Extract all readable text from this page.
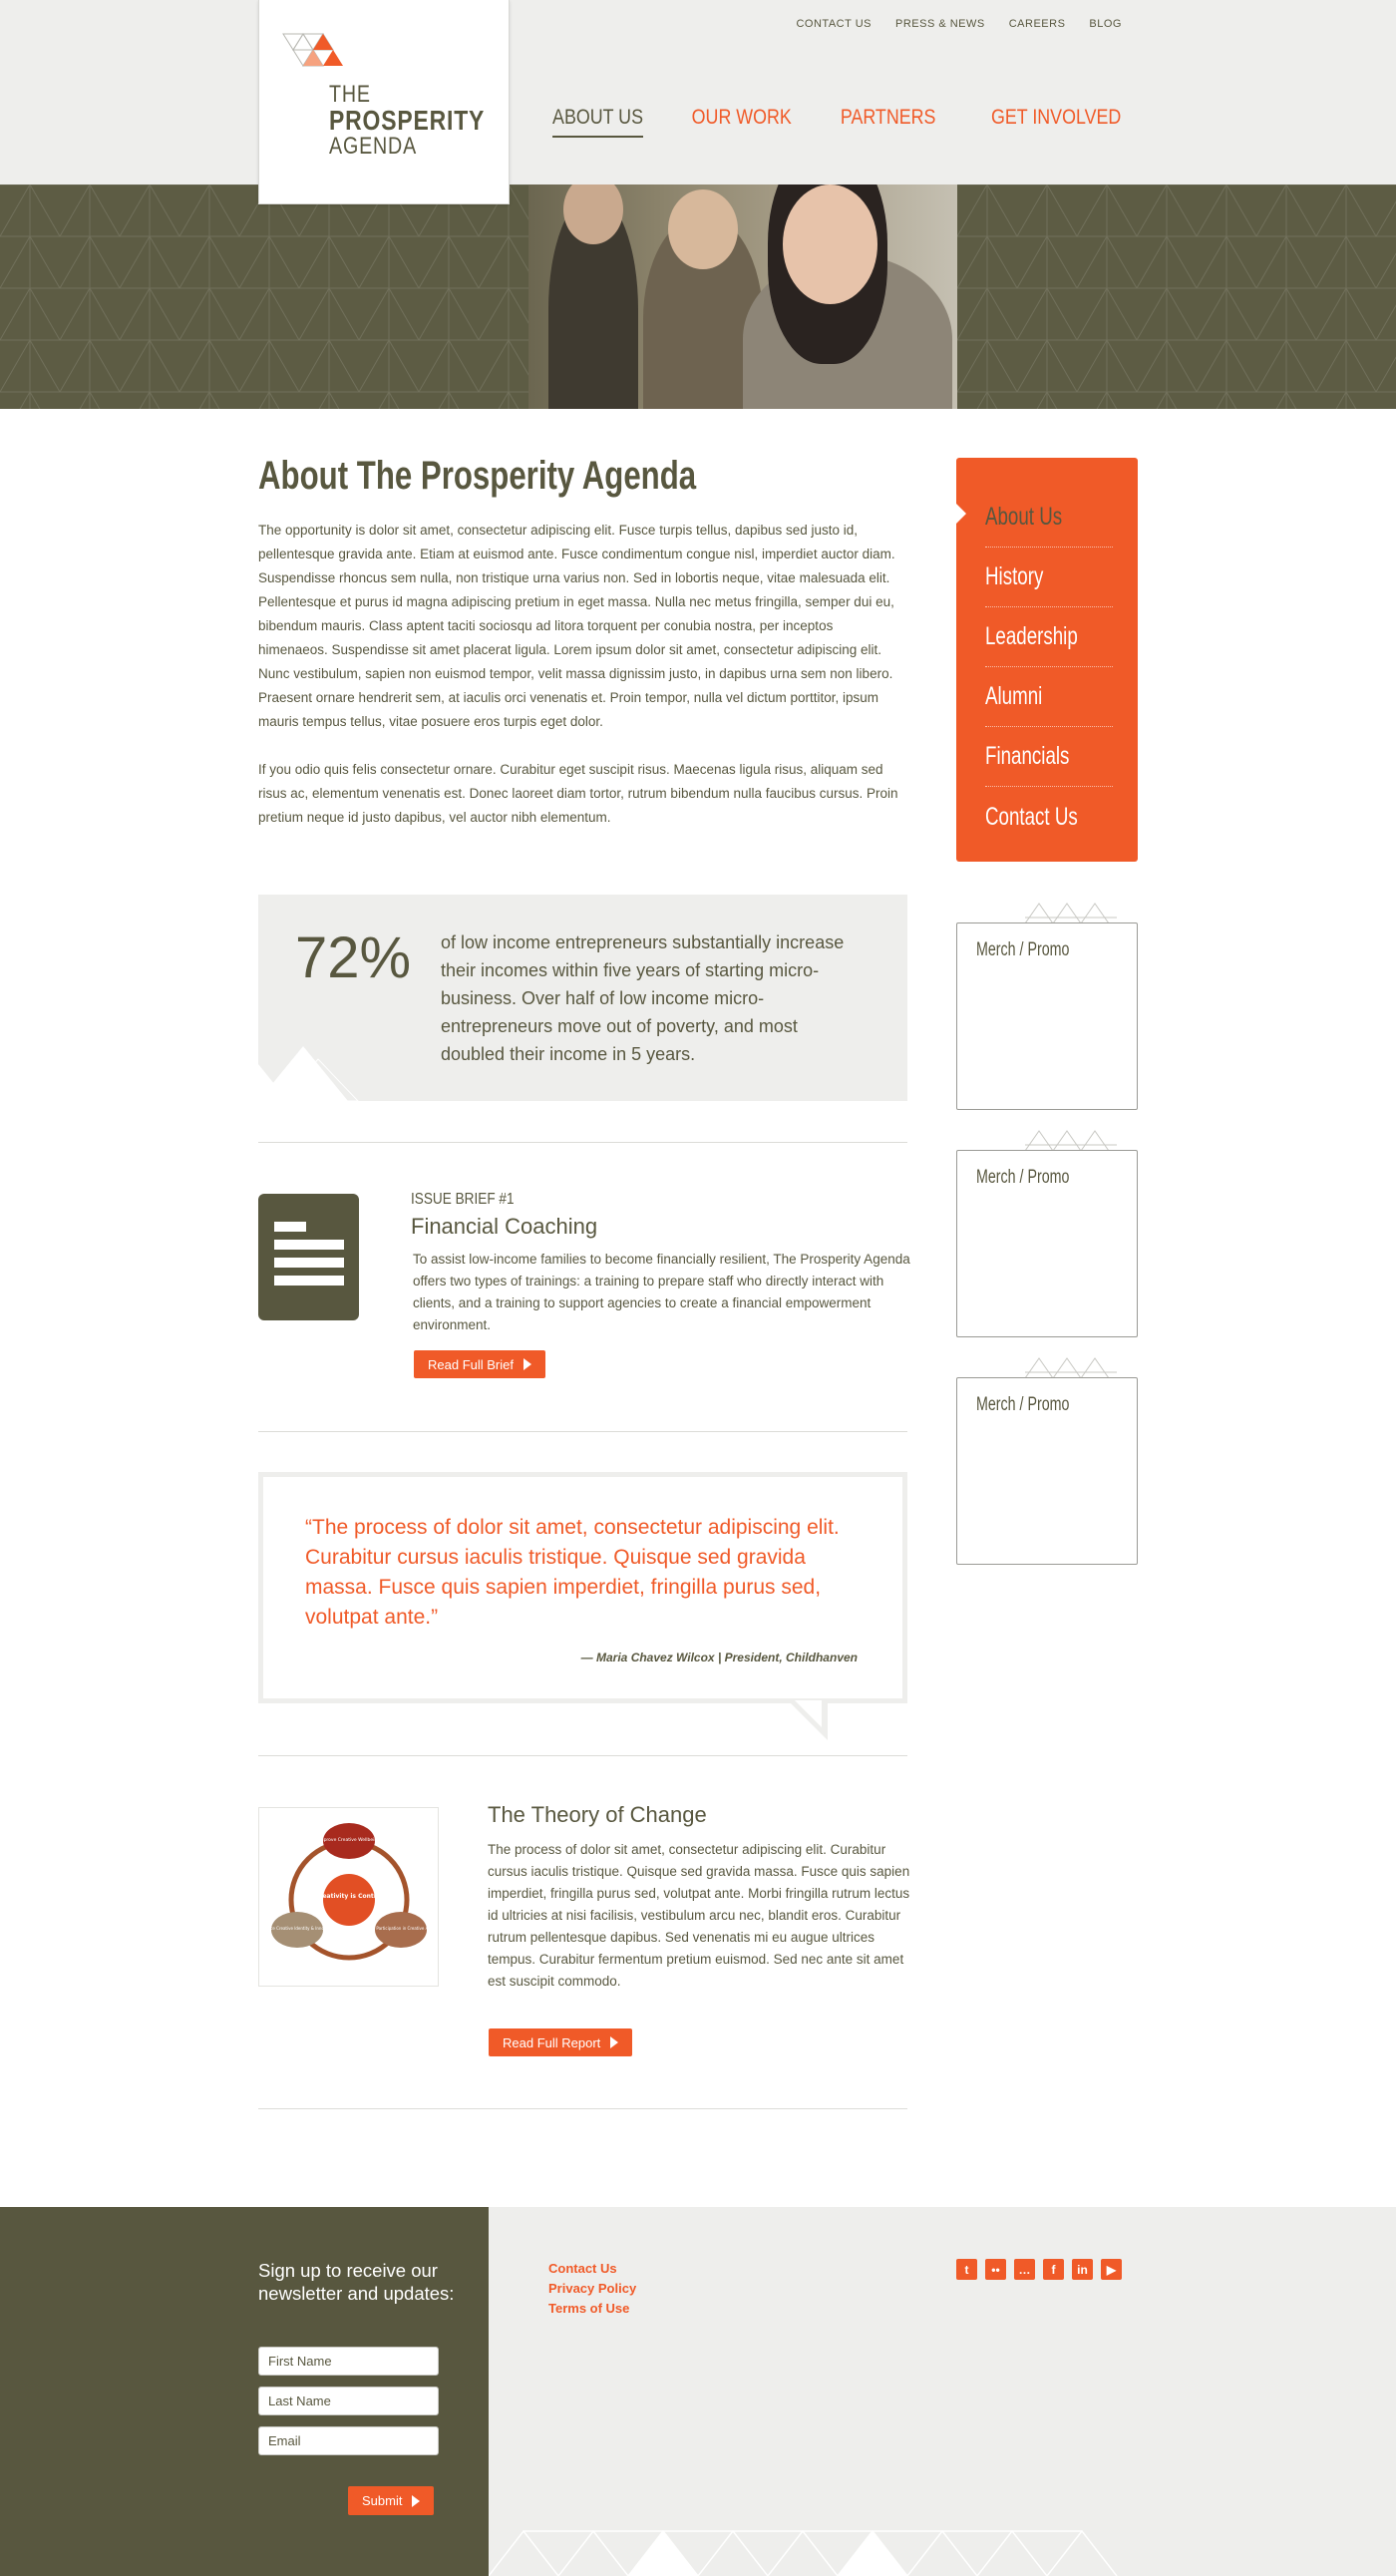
CONTACT US PRESS & NEWS CAREERS BLOG
ABOUT US OUR WORK PARTNERS	GET INVOLVED
THE
PROSPERITY
AGENDA
About The Prosperity Agenda

The opportunity is dolor sit amet, consectetur adipiscing elit. Fusce turpis tellus, dapibus sed justo id, pellentesque gravida ante. Etiam at euismod ante. Fusce condimentum congue nisl, imperdiet auctor diam. Suspendisse rhoncus sem nulla, non tristique urna varius non. Sed in lobortis neque, vitae malesuada elit. Pellentesque et purus id magna adipiscing pretium in eget massa. Nulla nec metus fringilla, semper dui eu, bibendum mauris. Class aptent taciti sociosqu ad litora torquent per conubia nostra, per inceptos himenaeos. Suspendisse sit amet placerat ligula. Lorem ipsum dolor sit amet, consectetur adipiscing elit. Nunc vestibulum, sapien non euismod tempor, velit massa dignissim justo, in dapibus urna sem non libero. Praesent ornare hendrerit sem, at iaculis orci venenatis et. Proin tempor, nulla vel dictum porttitor, ipsum mauris tempus tellus, vitae posuere eros turpis eget dolor.

If you odio quis felis consectetur ornare. Curabitur eget suscipit risus. Maecenas ligula risus, aliquam sed risus ac, elementum venenatis est. Donec laoreet diam tortor, rutrum bibendum nulla faucibus cursus. Proin pretium neque id justo dapibus, vel auctor nibh elementum.

72% of low income entrepreneurs substantially increase their incomes within five years of starting micro-business. Over half of low income micro-entrepreneurs move out of poverty, and most doubled their income in 5 years.
ISSUE BRIEF #1
Financial Coaching
To assist low-income families to become financially resilient, The Prosperity Agenda offers two types of trainings: a training to prepare staff who directly interact with clients, and a training to support agencies to create a financial empowerment environment.
Read Full Brief
“The process of dolor sit amet, consectetur adipiscing elit. Curabitur cursus iaculis tristique. Quisque sed gravida massa. Fusce quis sapien imperdiet, fringilla purus sed, volutpat ante.”
— Maria Chavez Wilcox | President, Childhanven
Creativity is Control
Improve Creative Wellbeing
Enhance Creative Identity & Innovation	Increase Participation in Creative Activities
The Theory of Change
The process of dolor sit amet, consectetur adipiscing elit. Curabitur cursus iaculis tristique. Quisque sed gravida massa. Fusce quis sapien imperdiet, fringilla purus sed, volutpat ante. Morbi fringilla rutrum lectus id ultricies at nisi facilisis, vestibulum arcu nec, blandit eros. Curabitur rutrum pellentesque dapibus. Sed venenatis mi eu augue ultrices tempus. Curabitur fermentum pretium euismod. Sed nec ante sit amet est suscipit commodo.
Read Full Report
About Us
History
Leadership
Alumni
Financials
Contact Us
Merch / Promo
Merch / Promo
Merch / Promo
Sign up to receive our newsletter and updates:
First Name
Last Name
Email
Submit
Contact Us
Privacy Policy
Terms of Use
t	••	…	f	in	▶
